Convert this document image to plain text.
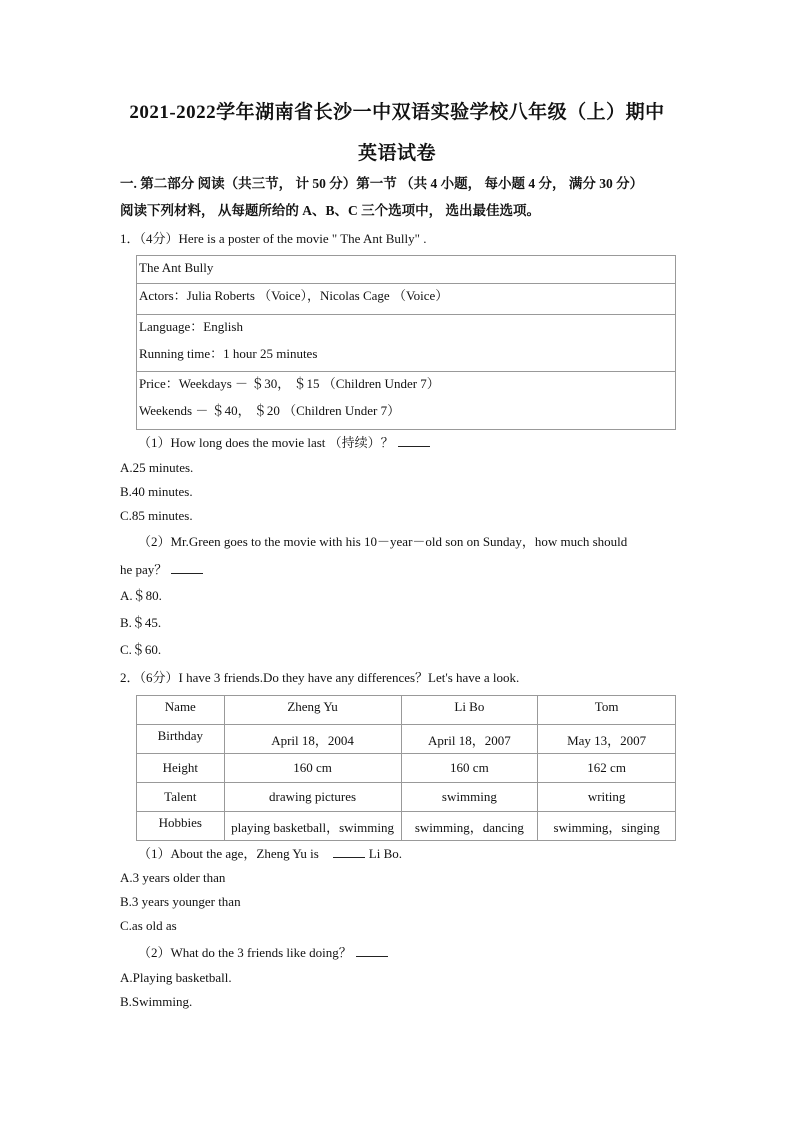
2021-2022学年湖南省长沙一中双语实验学校八年级（上）期中
英语试卷
一. 第二部分 阅读（共三节， 计 50 分）第一节 （共 4 小题， 每小题 4 分， 满分 30 分）
阅读下列材料， 从每题所给的 A、B、C 三个选项中， 选出最佳选项。
1．（4分）Here is a poster of the movie " The Ant Bully" .
The Ant Bully

Actors：Julia Roberts （Voice），Nicolas Cage （Voice）

Language：English
Running time：1 hour 25 minutes

Price：Weekdays － ＄30， ＄15 （Children Under 7）
Weekends － ＄40， ＄20 （Children Under 7）
（1）How long does the movie last （持续）？
A.25 minutes.
B.40 minutes.
C.85 minutes.
（2）Mr.Green goes to the movie with his 10－year－old son on Sunday，how much should
he pay？
A.＄80.
B.＄45.
C.＄60.
2．（6分）I have 3 friends.Do they have any differences？Let's have a look.
Name	Zheng Yu	Li Bo	Tom
Birthday	April 18，2004	April 18，2007	May 13，2007
Height	160 cm	160 cm	162 cm
Talent	drawing pictures	swimming	writing
Hobbies	playing basketball，swimming	swimming，dancing	swimming，singing
（1）About the age，Zheng Yu is	Li Bo.
A.3 years older than
B.3 years younger than
C.as old as
（2）What do the 3 friends like doing？
A.Playing basketball.
B.Swimming.
